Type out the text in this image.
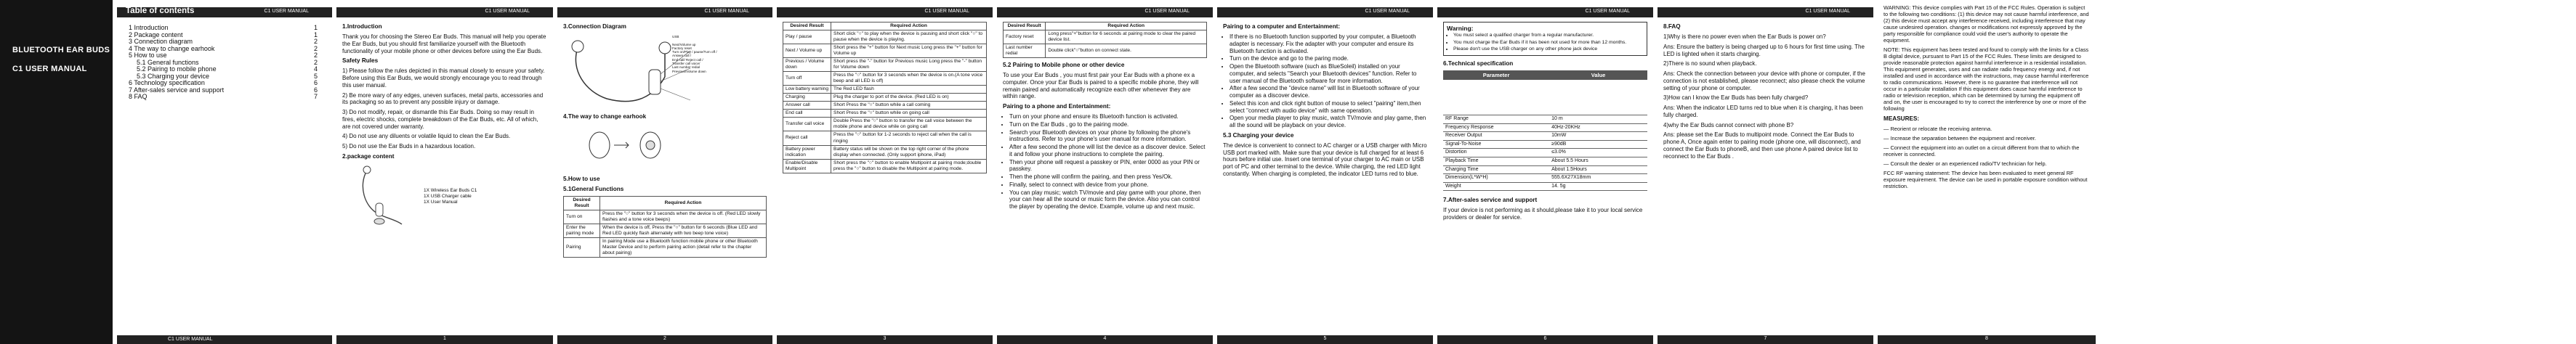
BLUETOOTH EAR BUDS
C1 USER MANUAL
Table of contents	C1 USER MANUAL
1 Introduction	1
2 Package content	1
3 Connection diagram	2
4 The way to change earhook	2
5 How to use	2
5.1 General functions	2
5.2 Pairing to mobile phone	4
5.3 Charging your device	5
6 Technology specification	6
7 After-sales service and support	6
8 FAQ	7
C1 USER MANUAL
C1 USER MANUAL
1.Introduction

Thank you for choosing the Stereo Ear Buds. This manual will help you operate the Ear Buds, but you should first familiarize yourself with the Bluetooth functionality of your mobile phone or other devices before using the Ear Buds.

Safety Rules

1) Please follow the rules depicted in this manual closely to ensure your safety. Before using this Ear Buds, we would strongly encourage you to read through this user manual.

2) Be more wary of any edges, uneven surfaces, metal parts, accessories and its packaging so as to prevent any possible injury or damage.

3) Do not modify, repair, or dismantle this Ear Buds. Doing so may result in fires, electric shocks, complete breakdown of the Ear Buds, etc. All of which, are not covered under warranty.

4) Do not use any diluents or volatile liquid to clean the Ear Buds.

5) Do not use the Ear Buds in a hazardous location.

2.package content
1X Wireless Ear Buds C1
1X USB Charger cable
1X User Manual
1
C1 USER MANUAL
3.Connection Diagram
USB

Next/Volume up
Factory reset
Turn on/Play / pause/Turn off /
Answer call /
End call/ Reject call /
Transfer call voice/
Last number redial
Previous/Volume down
4.The way to change earhook
5.How to use
5.1General Functions
Desired Result	Required Action
Turn on	Press the "○" button for 3 seconds when the device is off. (Red LED slowly flashes and a tone voice beeps)
Enter the pairing mode	When the device is off, Press the "○" button for 6 seconds (Blue LED and Red LED quickly flash alternately with two beep tone voice)
Pairing	In pairing Mode use a Bluetooth function mobile phone or other Bluetooth Master Device and to perform pairing action (detail refer to the chapter about pairing)
2
C1 USER MANUAL
Desired Result	Required Action
Play / pause	Short click "○" to play when the device is pausing and short click "○" to pause when the device is playing.
Next / Volume up	Short press the "+" button for Next music Long press the "+" button for Volume up
Previous / Volume down	Short press the "-" button for Previous music Long press the "-" button for Volume down
Turn off	Press the "○" button for 3 seconds when the device is on.(A tone voice beep and all LED is off)
Low battery warning	The Red LED flash
Charging	Plug the charger to port of the device. (Red LED is on)
Answer call	Short Press the "○" button while a call coming
End call	Short Press the "○" button while on going call
Transfer call voice	Double Press the "○" button to transfer the call voice between the mobile phone and device while on going call
Reject call	Press the "○" button for 1-2 seconds to reject call when the call is ringing
Battery power indication	Battery status will be shown on the top right corner of the phone display when connected. (Only support iphone, iPad)
Enable/Disable Multipoint	Short press the "○" button to enable Multipoint at pairing mode;double press the "○" button to disable the Multipoint at pairing mode.
3
C1 USER MANUAL
Desired Result	Required Action
Factory reset	Long press"+"button for 6 seconds at pairing mode to clear the paired device list.
Last number redial	Double click"○"button on connect state.
5.2 Pairing to Mobile phone or other device

To use your Ear Buds , you must first pair your Ear Buds with a phone ex a computer. Once your Ear Buds is paired to a specific mobile phone, they will remain paired and automatically recognize each other whenever they are within range.

Pairing to a phone and Entertainment:
• Turn on your phone and ensure its Bluetooth function is activated.
• Turn on the Ear Buds , go to the pairing mode.
• Search your Bluetooth devices on your phone by following the phone's instructions. Refer to your phone's user manual for more information.
• After a few second the phone will list the device as a discover device. Select it and follow your phone instructions to complete the pairing.
• Then your phone will request a passkey or PIN, enter 0000 as your PIN or passkey.
• Then the phone will confirm the pairing, and then press Yes/Ok.
• Finally, select to connect with device from your phone.
• You can play music; watch TV/movie and play game with your phone, then your can hear all the sound or music form the device. Also you can control the player by operating the device. Example, volume up and next music.
4
C1 USER MANUAL
Pairing to a computer and Entertainment:
• If there is no Bluetooth function supported by your computer, a Bluetooth adapter is necessary. Fix the adapter with your computer and ensure its Bluetooth function is activated.
• Turn on the device and go to the paring mode.
• Open the Bluetooth software (such as BlueSoleil) installed on your computer, and selects "Search your Bluetooth devices" function. Refer to user manual of the Bluetooth software for more information.
• After a few second the "device name" will list in Bluetooth software of your computer as a discover device.
• Select this icon and click right button of mouse to select "pairing" item,then select "connect with audio device" with same operation.
• Open your media player to play music, watch TV/movie and play game, then all the sound will be playback on your device.
5.3 Charging your device

The device is convenient to connect to AC charger or a USB charger with Micro USB port marked with. Make sure that your device is full charged for at least 6 hours before initial use. Insert one terminal of your charger to AC main or USB port of PC and other terminal to the device. While charging, the red LED light constantly. When charging is completed, the indicator LED turns red to blue.

5
C1 USER MANUAL
Warning:
• You must select a qualified charger from a regular manufacturer.
• You must charge the Ear Buds if it has been not used for more than 12 months.
• Please don't use the USB charger on any other phone jack device
6.Technical specification
Parameter	Value

RF Range	10 m
Frequency Response	40Hz-20KHz
Receiver Output	10mW
Signal-To-Noise	≥90dB
Distortion	≤3.0%
Playback Time	About 5.5 Hours
Charging Time	About 1.5Hours
Dimension(L*W*H)	555.6X27X18mm
Weight	14. 5g
7.After-sales service and support

If your device is not performing as it should,please take it to your local service providers or dealer for service.

6
C1 USER MANUAL
8.FAQ

1)Why is there no power even when the Ear Buds is power on?

Ans: Ensure the battery is being charged up to 6 hours for first time using. The LED is lighted when it starts charging.

2)There is no sound when playback.

Ans: Check the connection between your device with phone or computer, if the connection is not established, please reconnect; also please check the volume setting of your phone or computer.

3)How can I know the Ear Buds has been fully charged?

Ans: When the indicator LED turns red to blue when it is charging, it has been fully charged.

4)why the Ear Buds cannot connect with phone B?

Ans: please set the Ear Buds to multipoint mode. Connect the Ear Buds to phone A, Once again enter to pairing mode (phone one, will disconnect), and connect the Ear Buds to phoneB, and then use phone A paired device list to reconnect to the Ear Buds .

7

WARNING: This device complies with Part 15 of the FCC Rules. Operation is subject to the following two conditions: (1) this device may not cause harmful interference, and (2) this device must accept any interference received, including interference that may cause undesired operation. changes or modifications not expressly approved by the party responsible for compliance could void the user's authority to operate the equipment.

NOTE: This equipment has been tested and found to comply with the limits for a Class B digital device, pursuant to Part 15 of the FCC Rules. These limits are designed to provide reasonable protection against harmful interference in a residential installation. This equipment generates, uses and can radiate radio frequency energy and, if not installed and used in accordance with the instructions, may cause harmful interference to radio communications. However, there is no guarantee that interference will not occur in a particular installation If this equipment does cause harmful interference to radio or television reception, which can be determined by turning the equipment off and on, the user is encouraged to try to correct the interference by one or more of the following

MEASURES:

— Reorient or relocate the receiving antenna.

— Increase the separation between the equipment and receiver.

— Connect the equipment into an outlet on a circuit different from that to which the receiver is connected.

— Consult the dealer or an experienced radio/TV technician for help.

FCC RF warning statement: The device has been evaluated to meet general RF exposure requirement. The device can be used in portable exposure condition without restriction.

8
